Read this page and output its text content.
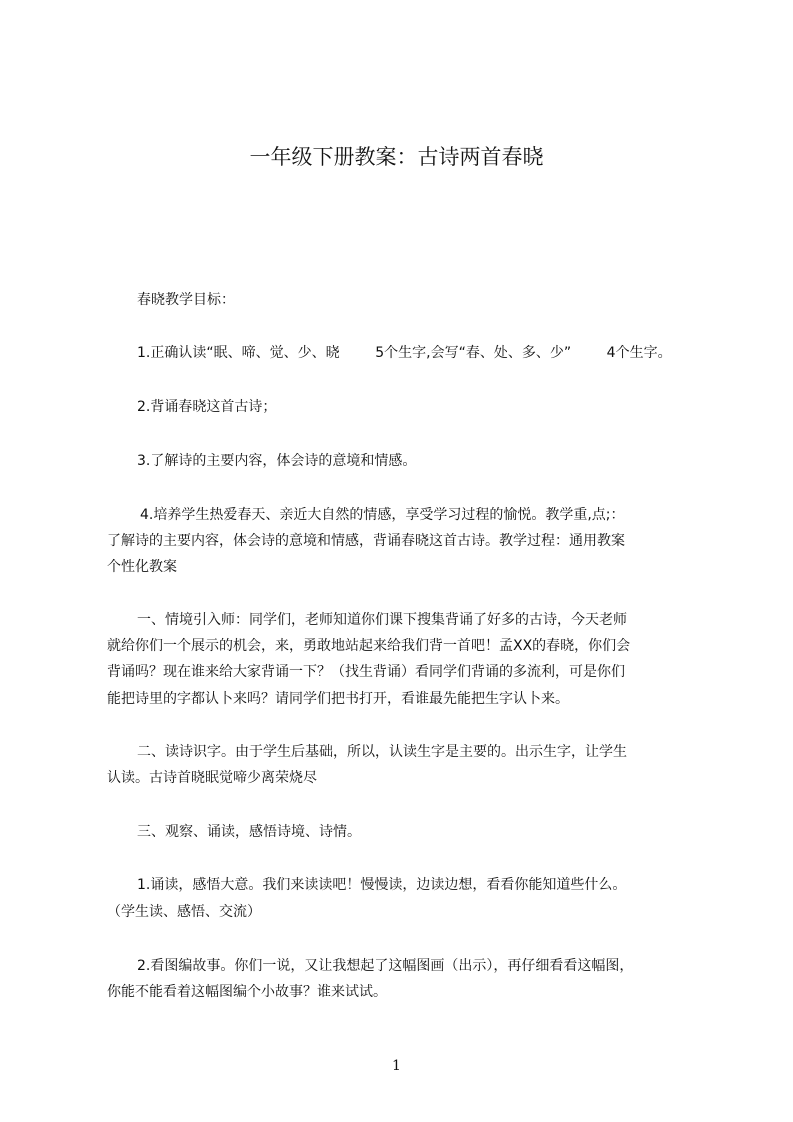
一年级下册教案：古诗两首春晓
春晓教学目标：
1.正确认读“眠、啼、觉、少、晓        5个生字,会写“春、处、多、少”        4个生字。
2.背诵春晓这首古诗；
3.了解诗的主要内容，体会诗的意境和情感。
4.培养学生热爱春天、亲近大自然的情感，享受学习过程的愉悦。教学重,点;：
了解诗的主要内容，体会诗的意境和情感，背诵春晓这首古诗。教学过程：通用教案
个性化教案
一、情境引入师：同学们，老师知道你们课下搜集背诵了好多的古诗，今天老师
就给你们一个展示的机会，来，勇敢地站起来给我们背一首吧！孟XX的春晓，你们会
背诵吗？现在谁来给大家背诵一下？（找生背诵）看同学们背诵的多流利，可是你们
能把诗里的字都认卜来吗？请同学们把书打开，看谁最先能把生字认卜来。
二、读诗识字。由于学生后基础，所以，认读生字是主要的。出示生字，让学生
认读。古诗首晓眠觉啼少离荣烧尽
三、观察、诵读，感悟诗境、诗情。
1.诵读，感悟大意。我们来读读吧！慢慢读，边读边想，看看你能知道些什么。
（学生读、感悟、交流）
2.看图编故事。你们一说，又让我想起了这幅图画（出示），再仔细看看这幅图，
你能不能看着这幅图编个小故事？谁来试试。
1
